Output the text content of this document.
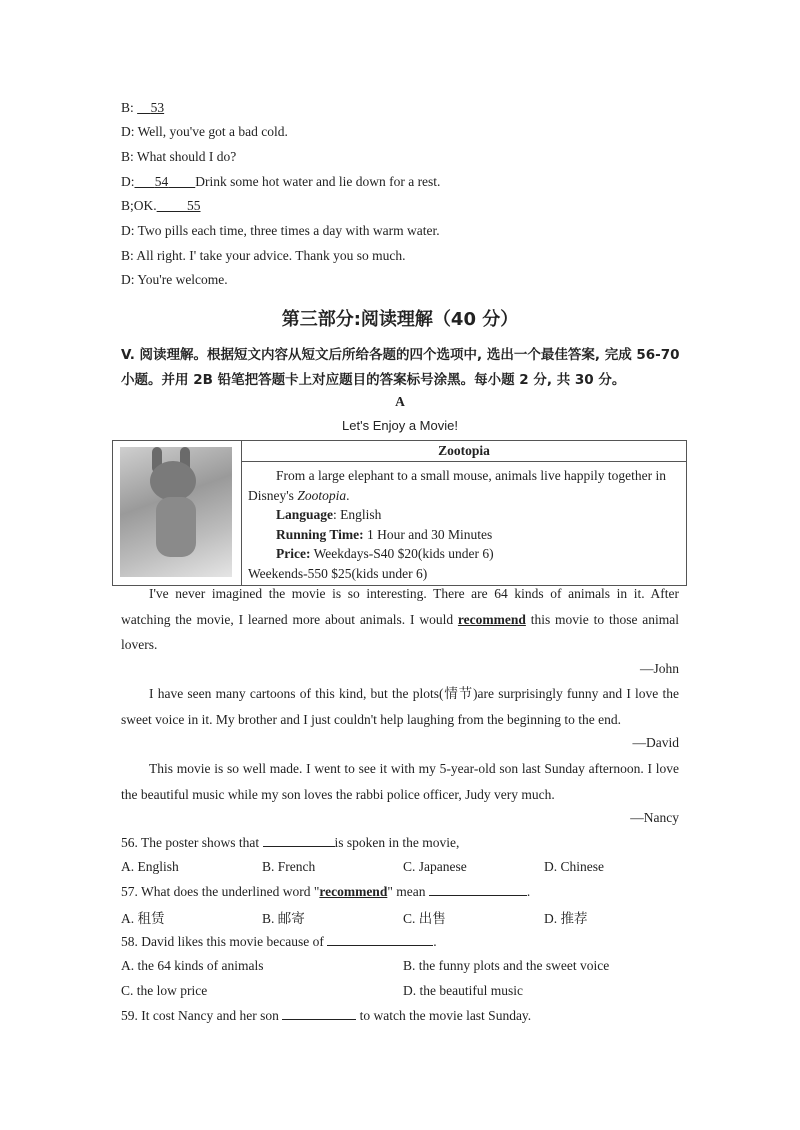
B: 53
D: Well, you've got a bad cold.
B: What should I do?
D: 54 Drink some hot water and lie down for a rest.
B;OK. 55
D: Two pills each time, three times a day with warm water.
B: All right. I' take your advice. Thank you so much.
D: You're welcome.
第三部分:阅读理解（40 分）
V. 阅读理解。根据短文内容从短文后所给各题的四个选项中, 选出一个最佳答案, 完成 56-70 小题。并用 2B 铅笔把答题卡上对应题目的答案标号涂黑。每小题 2 分, 共 30 分。
A
Let's Enjoy a Movie!
	Zootopia

From a large elephant to a small mouse, animals live happily together in Disney's Zootopia.
Language: English
Running Time: 1 Hour and 30 Minutes
Price: Weekdays-S40 $20(kids under 6)
Weekends-550 $25(kids under 6)
I've never imagined the movie is so interesting. There are 64 kinds of animals in it. After watching the movie, I learned more about animals. I would recommend this movie to those animal lovers.
—John
I have seen many cartoons of this kind, but the plots(情节)are surprisingly funny and I love the sweet voice in it. My brother and I just couldn't help laughing from the beginning to the end.
—David
This movie is so well made. I went to see it with my 5-year-old son last Sunday afternoon. I love the beautiful music while my son loves the rabbi police officer, Judy very much.
—Nancy
56. The poster shows that	is spoken in the movie,
A. English	B. French	C. Japanese	D. Chinese
57. What does the underlined word "recommend" mean	.
A. 租赁	B. 邮寄	C. 出售	D. 推荐
58. David likes this movie because of	.
A. the 64 kinds of animals	B. the funny plots and the sweet voice
C. the low price	D. the beautiful music
59. It cost Nancy and her son	to watch the movie last Sunday.
